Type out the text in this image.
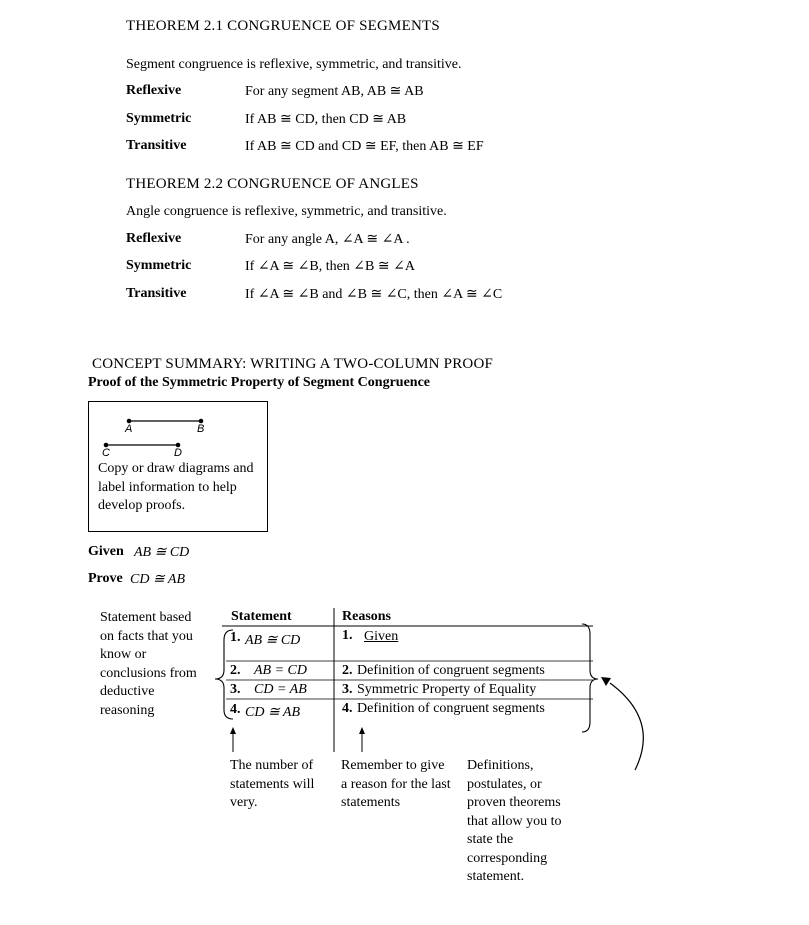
THEOREM 2.1 CONGRUENCE OF SEGMENTS
Segment congruence is reflexive, symmetric, and transitive.
Reflexive	For any segment AB, AB ≅ AB
Symmetric	If AB ≅ CD, then CD ≅ AB
Transitive	If AB ≅ CD and CD ≅ EF, then AB ≅ EF
THEOREM 2.2 CONGRUENCE OF ANGLES
Angle congruence is reflexive, symmetric, and transitive.
Reflexive	For any angle A, ∠A ≅ ∠A .
Symmetric	If ∠A ≅ ∠B, then ∠B ≅ ∠A
Transitive	If ∠A ≅ ∠B and ∠B ≅ ∠C, then ∠A ≅ ∠C
CONCEPT SUMMARY: WRITING A TWO-COLUMN PROOF
Proof of the Symmetric Property of Segment Congruence
A	B
C	D
Copy or draw diagrams and label information to help develop proofs.
Given AB ≅ CD
Prove CD ≅ AB
Statement based on facts that you know or conclusions from deductive reasoning
Statement	Reasons
1. AB ≅ CD	1. Given
2. AB = CD	2. Definition of congruent segments
3. CD = AB	3. Symmetric Property of Equality
4. CD ≅ AB	4. Definition of congruent segments
The number of statements will very.
Remember to give a reason for the last statements
Definitions, postulates, or proven theorems that allow you to state the corresponding statement.
